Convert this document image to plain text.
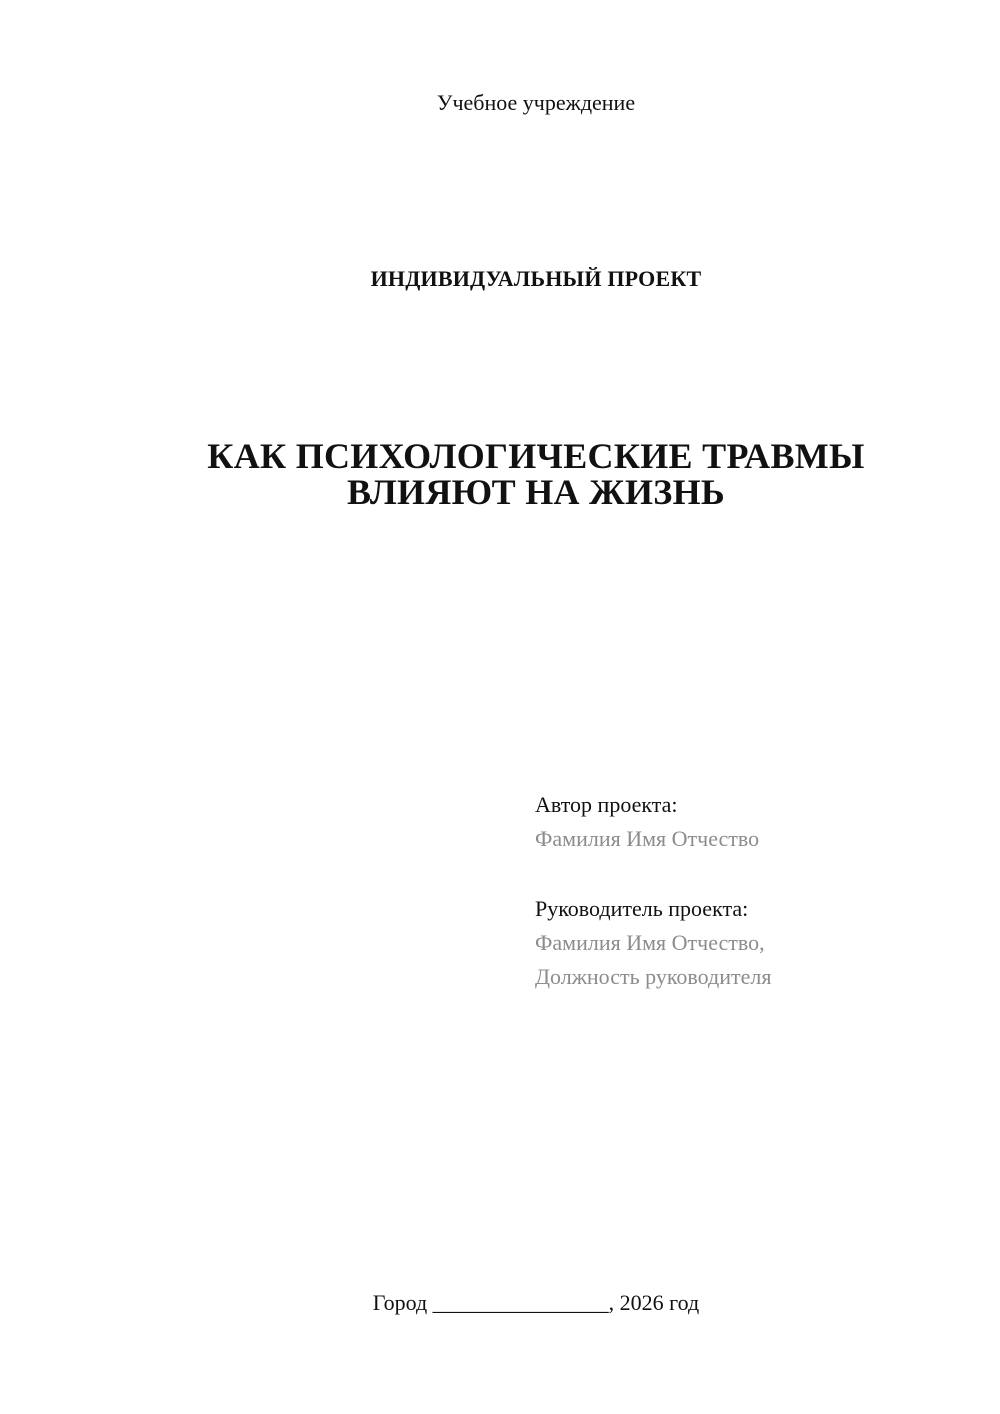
Учебное учреждение
ИНДИВИДУАЛЬНЫЙ ПРОЕКТ
КАК ПСИХОЛОГИЧЕСКИЕ ТРАВМЫ
ВЛИЯЮТ НА ЖИЗНЬ
Автор проекта:
Фамилия Имя Отчество
Руководитель проекта:
Фамилия Имя Отчество,
Должность руководителя
Город ________________, 2026 год
